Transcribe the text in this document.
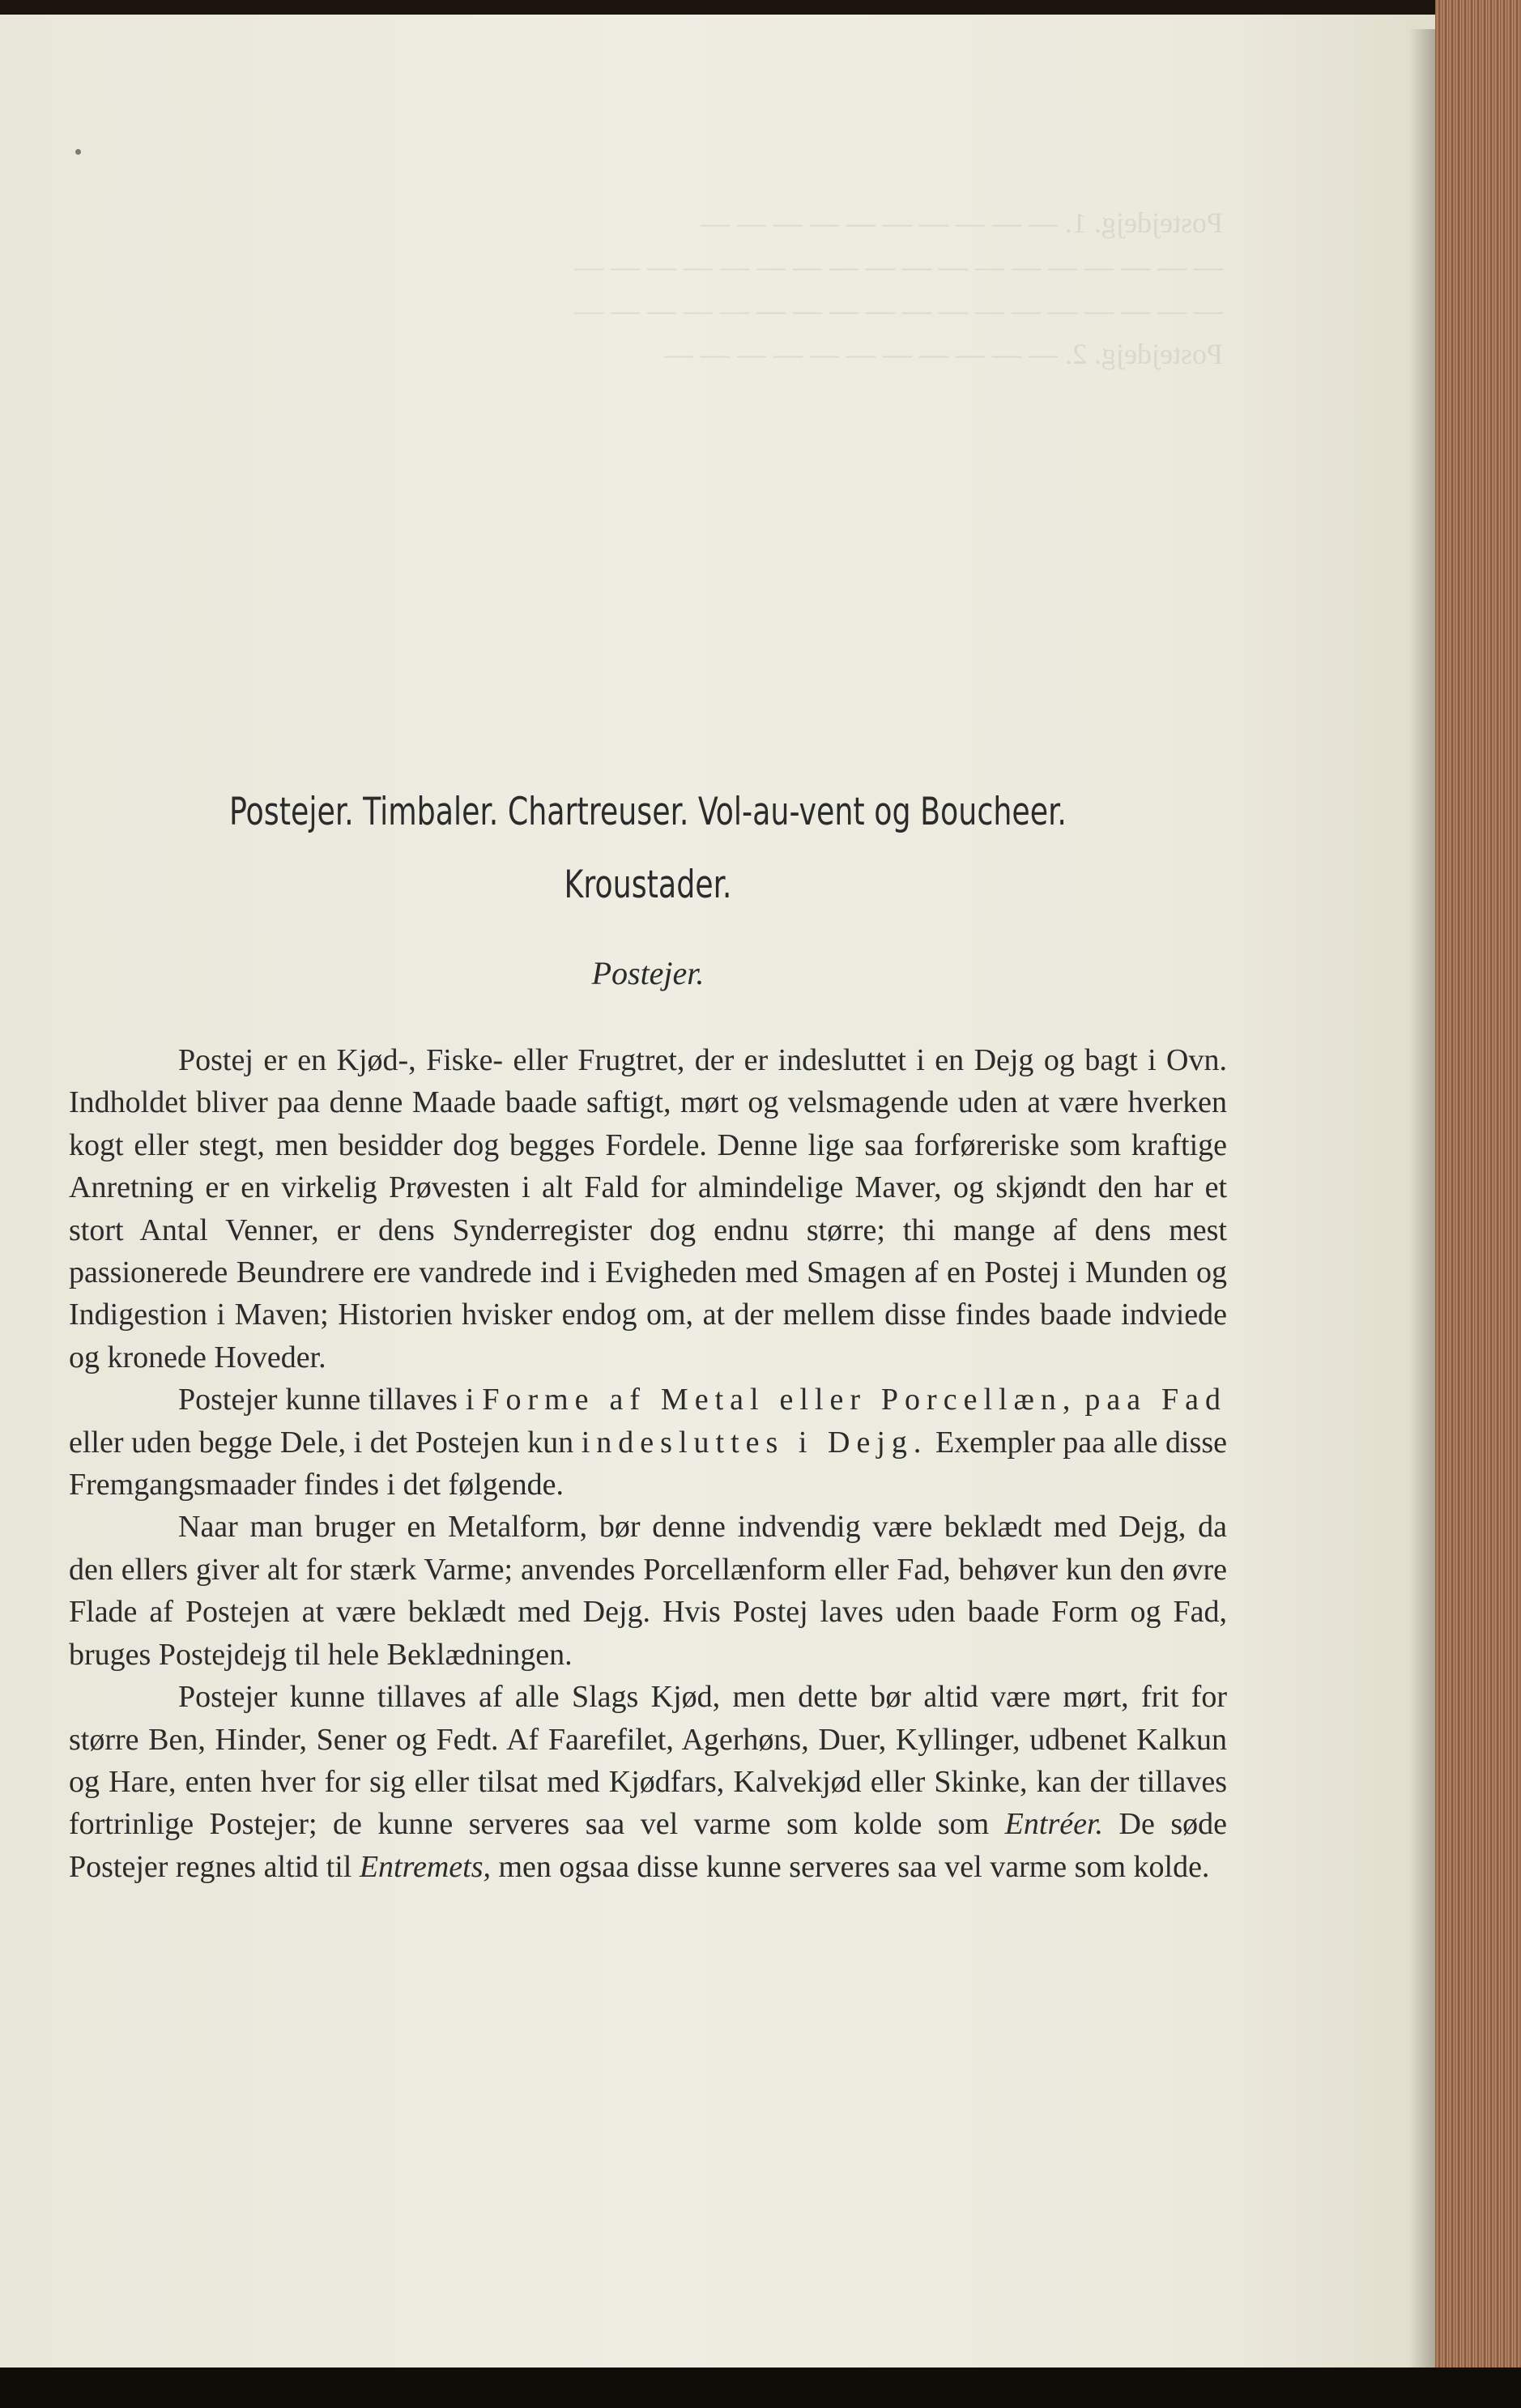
Postejdejg. 1. — — — — — — — — — —
— — — — — — — — — — — — — — — — — —
— — — — — — — — — — — — — — — — — —
Postejdejg. 2. — — — — — — — — — — —
Postejer. Timbaler. Chartreuser. Vol-au-vent og Boucheer.
Kroustader.
Postejer.

Postej er en Kjød-, Fiske- eller Frugtret, der er indesluttet i en Dejg og bagt i Ovn. Indholdet bliver paa denne Maade baade saftigt, mørt og velsmagende uden at være hverken kogt eller stegt, men besidder dog begges Fordele. Denne lige saa forføreriske som kraftige Anretning er en virkelig Prøvesten i alt Fald for almindelige Maver, og skjøndt den har et stort Antal Venner, er dens Synderregister dog endnu større; thi mange af dens mest passionerede Beundrere ere vandrede ind i Evigheden med Smagen af en Postej i Munden og Indigestion i Maven; Historien hvisker endog om, at der mellem disse findes baade indviede og kronede Hoveder.

Postejer kunne tillaves i Forme af Metal eller Porcellæn, paa Fad eller uden begge Dele, i det Postejen kun indesluttes i Dejg. Exempler paa alle disse Fremgangsmaader findes i det følgende.

Naar man bruger en Metalform, bør denne indvendig være beklædt med Dejg, da den ellers giver alt for stærk Varme; anvendes Porcellænform eller Fad, behøver kun den øvre Flade af Postejen at være beklædt med Dejg. Hvis Postej laves uden baade Form og Fad, bruges Postejdejg til hele Beklædningen.

Postejer kunne tillaves af alle Slags Kjød, men dette bør altid være mørt, frit for større Ben, Hinder, Sener og Fedt. Af Faarefilet, Agerhøns, Duer, Kyllinger, udbenet Kalkun og Hare, enten hver for sig eller tilsat med Kjødfars, Kalvekjød eller Skinke, kan der tillaves fortrinlige Postejer; de kunne serveres saa vel varme som kolde som Entréer. De søde Postejer regnes altid til Entremets, men ogsaa disse kunne serveres saa vel varme som kolde.
